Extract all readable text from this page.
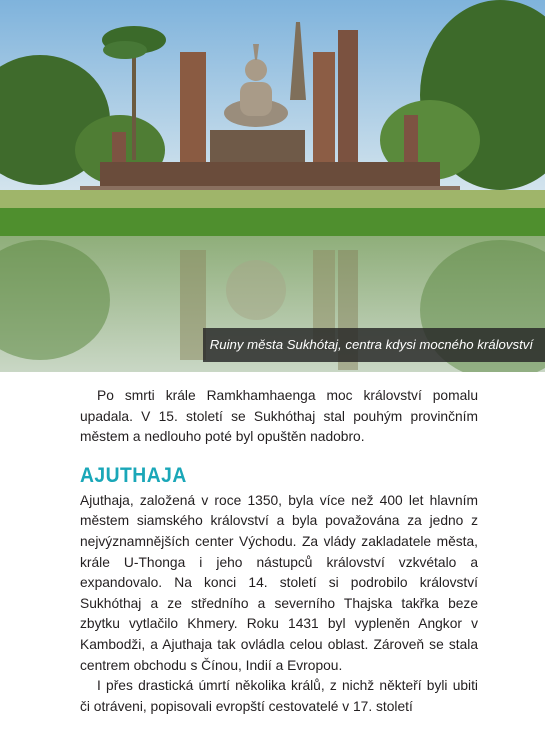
Ruiny města Sukhótaj, centra kdysi mocného království

Po smrti krále Ramkhamhaenga moc království pomalu upadala. V 15. století se Sukhóthaj stal pouhým provinčním městem a nedlouho poté byl opuštěn nadobro.

AJUTHAJA

Ajuthaja, založená v roce 1350, byla více než 400 let hlavním městem siamského království a byla považována za jedno z nejvýznamnějších center Východu. Za vlády zakladatele města, krále U-Thonga i jeho nástupců království vzkvétalo a expandovalo. Na konci 14. století si podrobilo království Sukhóthaj a ze středního a severního Thajska takřka beze zbytku vytlačilo Khmery. Roku 1431 byl vypleněn Angkor v Kambodži, a Ajuthaja tak ovládla celou oblast. Zároveň se stala centrem obchodu s Čínou, Indií a Evropou.

I přes drastická úmrtí několika králů, z nichž někteří byli ubiti či otráveni, popisovali evropští cestovatelé v 17. století
